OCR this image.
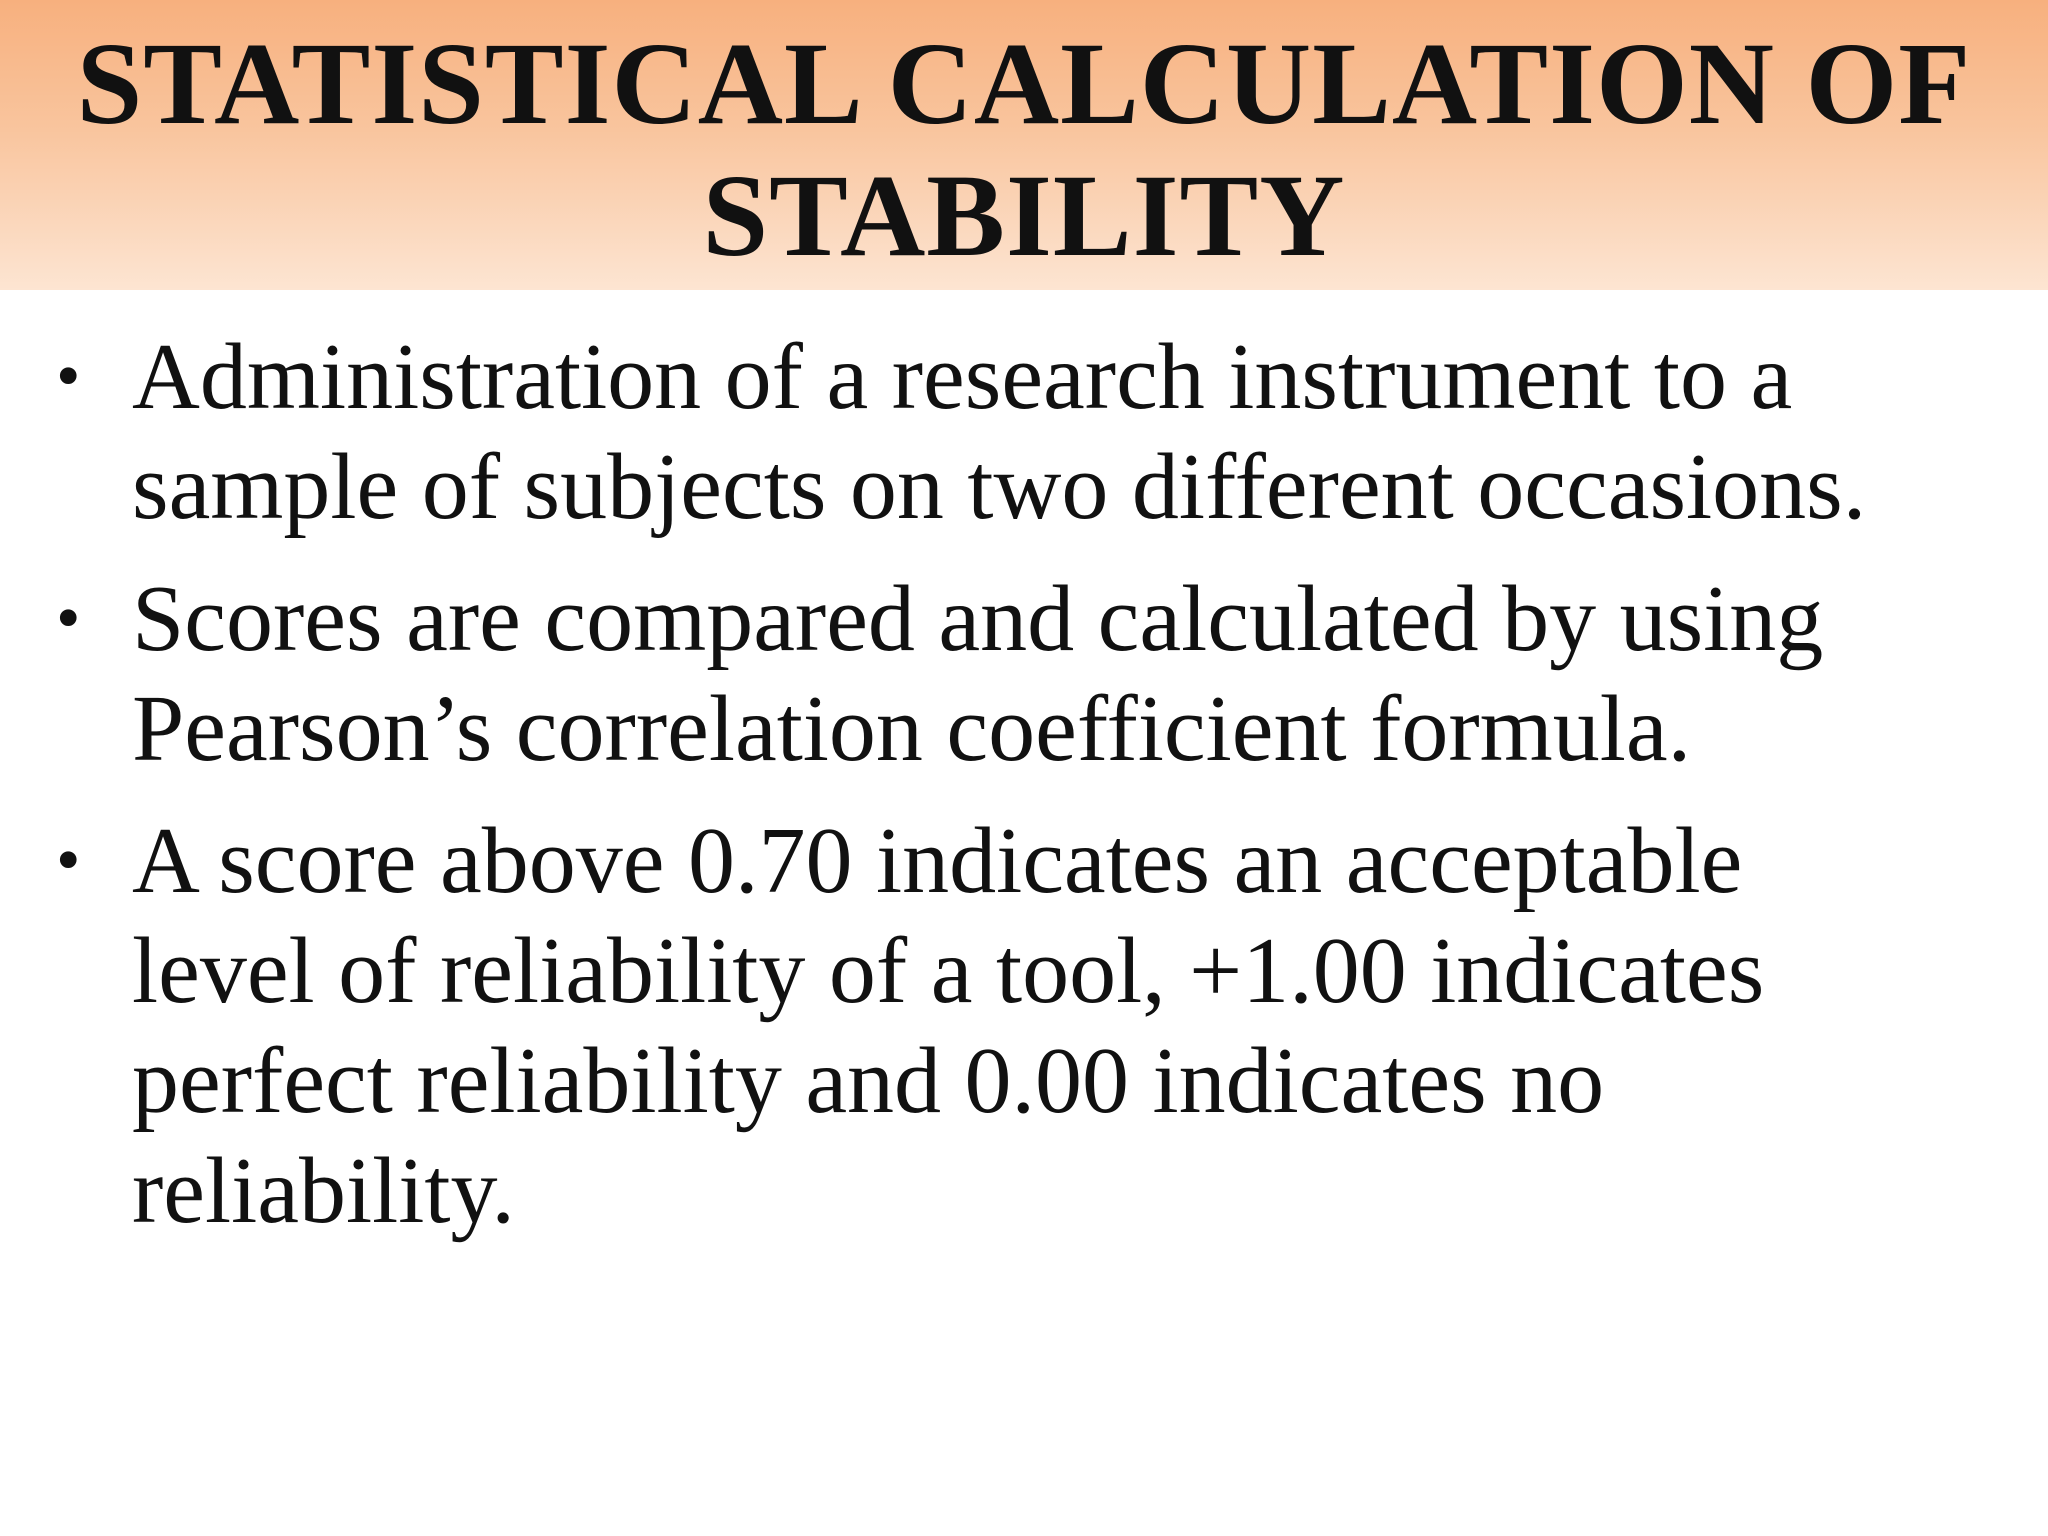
STATISTICAL CALCULATION OF
STABILITY
• Administration of a research instrument to a
sample of subjects on two different occasions.
• Scores are compared and calculated by using
Pearson’s correlation coefficient formula.
• A score above 0.70 indicates an acceptable
level of reliability of a tool, +1.00 indicates
perfect reliability and 0.00 indicates no
reliability.
